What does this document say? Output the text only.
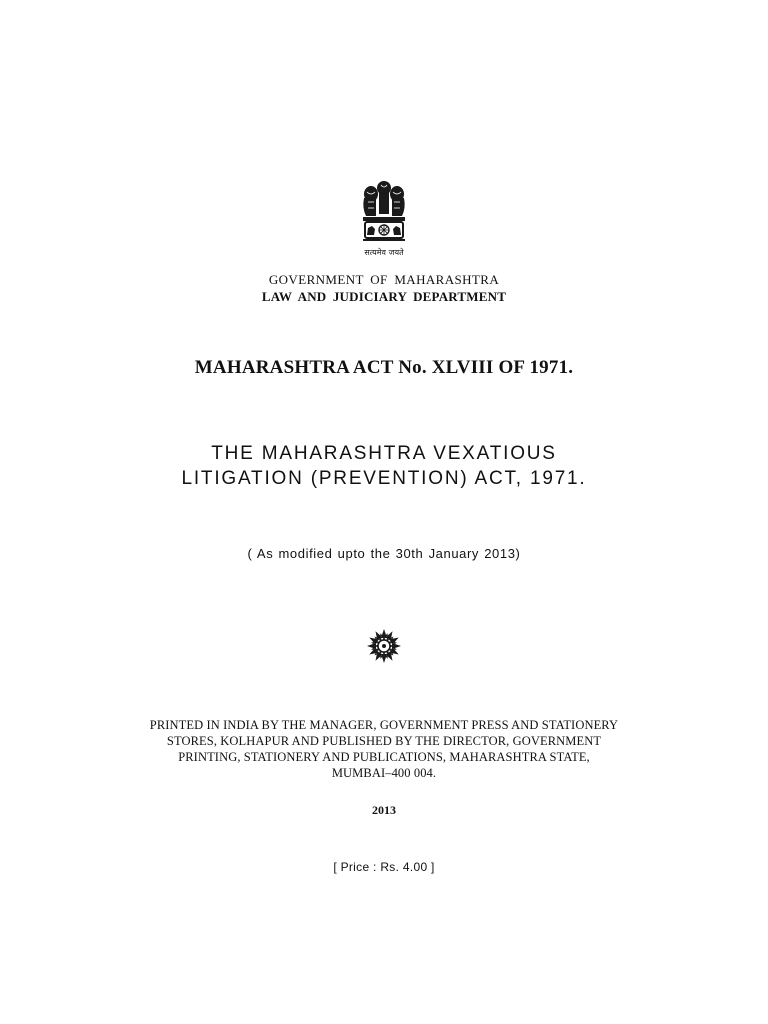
सत्यमेव जयते
GOVERNMENT OF MAHARASHTRA
LAW AND JUDICIARY DEPARTMENT
MAHARASHTRA ACT No. XLVIII OF 1971.
THE MAHARASHTRA VEXATIOUS
LITIGATION (PREVENTION) ACT, 1971.
( As modified upto the 30th January 2013)
PRINTED IN INDIA BY THE MANAGER, GOVERNMENT PRESS AND STATIONERY
STORES, KOLHAPUR AND PUBLISHED BY THE DIRECTOR, GOVERNMENT
PRINTING, STATIONERY AND PUBLICATIONS, MAHARASHTRA STATE,
MUMBAI–400 004.
2013
[ Price : Rs. 4.00 ]
